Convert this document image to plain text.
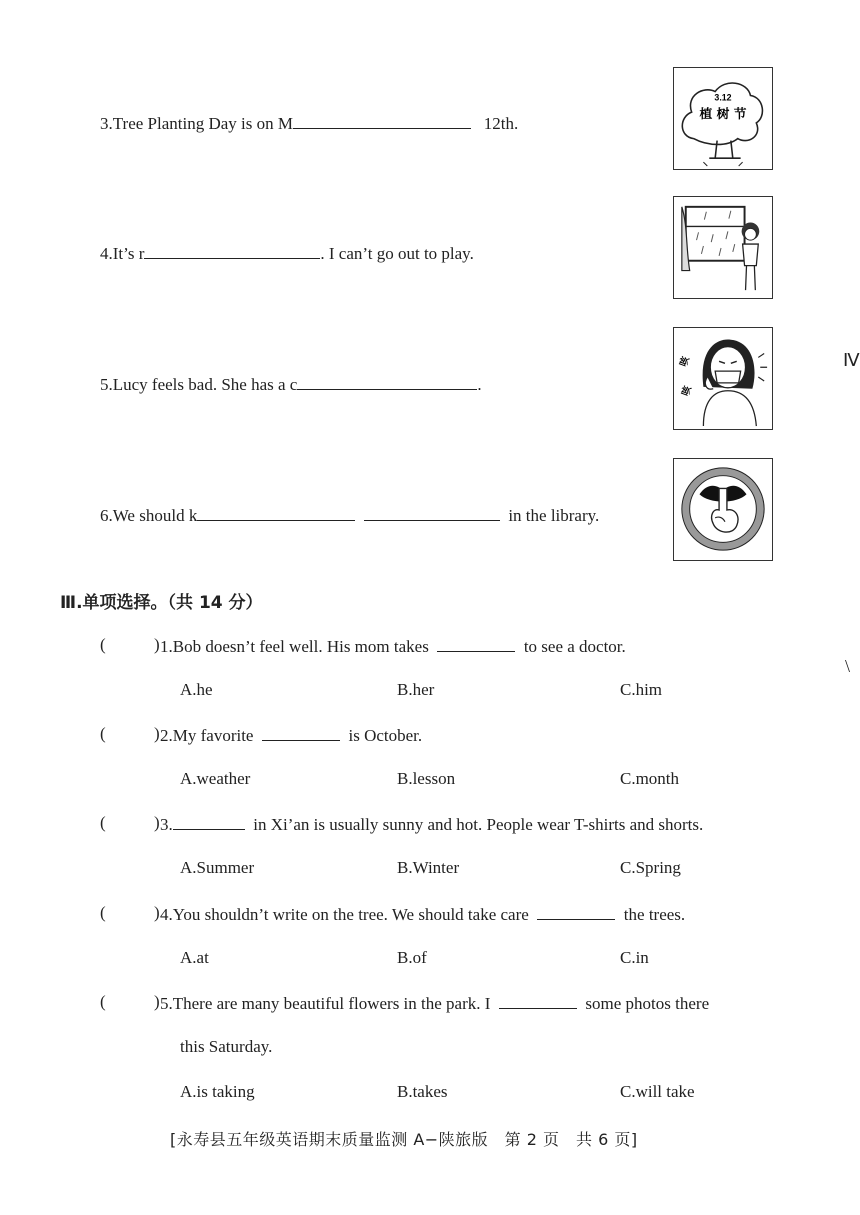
3.Tree Planting Day is on M	12th.
4.It’s r	. I can’t go out to play.
5.Lucy feels bad. She has a c	.
6.We should k	in the library.
3.12
植 树 节
咳
咳
Ⅳ
\
Ⅲ.单项选择。（共 14 分）
(	) 1.Bob doesn’t feel well. His mom takes	to see a doctor.
A.he	B.her	C.him
(	) 2.My favorite	is October.
A.weather	B.lesson	C.month
(	) 3.	in Xi’an is usually sunny and hot. People wear T-shirts and shorts.
A.Summer	B.Winter	C.Spring
(	) 4.You shouldn’t write on the tree. We should take care	the trees.
A.at	B.of	C.in
(	) 5.There are many beautiful flowers in the park. I	some photos there
this Saturday.
A.is taking	B.takes	C.will take
[永寿县五年级英语期末质量监测 A−陕旅版　第 2 页　共 6 页]
